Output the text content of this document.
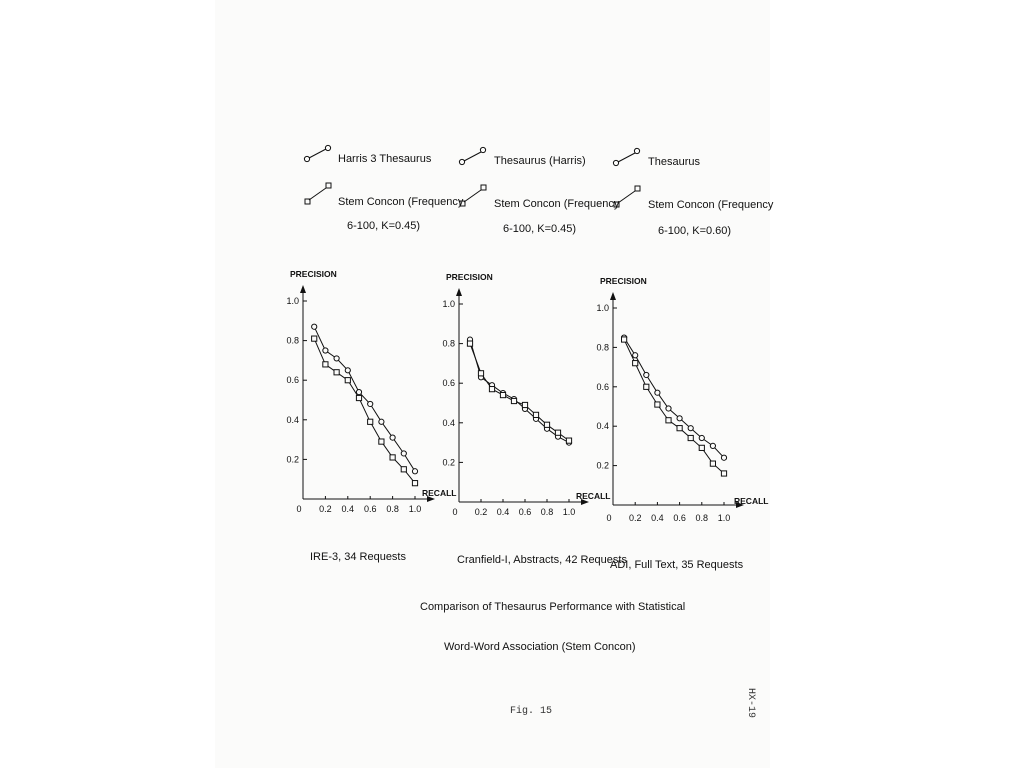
Harris 3 Thesaurus
Stem Concon (Frequency
6-100, K=0.45)
Thesaurus (Harris)
Stem Concon (Frequency
6-100, K=0.45)
Thesaurus
Stem Concon (Frequency
6-100, K=0.60)
PRECISION
RECALL
0.2
0.4
0.6
0.8
1.0
0 0.2 0.4 0.6 0.8 1.0
IRE-3, 34 Requests
PRECISION
RECALL
0.2
0.4
0.6
0.8
1.0
0 0.2 0.4 0.6 0.8 1.0
Cranfield-I, Abstracts, 42 Requests
PRECISION
RECALL
0.2
0.4
0.6
0.8
1.0
0 0.2 0.4 0.6 0.8 1.0
ADI, Full Text, 35 Requests
Comparison of Thesaurus Performance with Statistical
Word-Word Association (Stem Concon)
Fig. 15	HX-19
